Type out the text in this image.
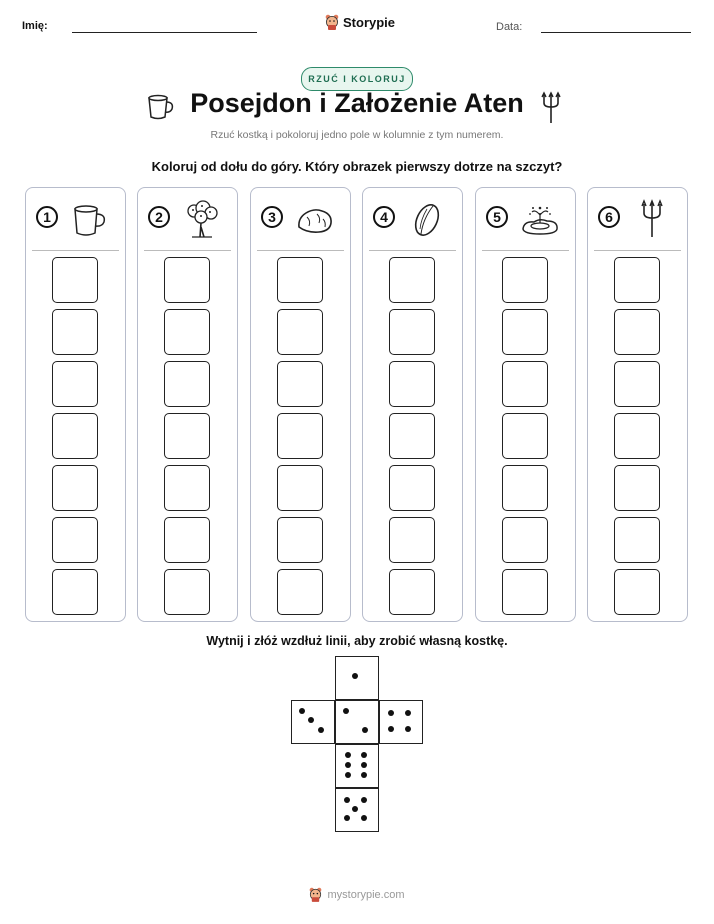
Imię:	Storypie	Data:
RZUĆ I KOLORUJ
Posejdon i Założenie Aten
Rzuć kostką i pokoloruj jedno pole w kolumnie z tym numerem.
Koloruj od dołu do góry. Który obrazek pierwszy dotrze na szczyt?
1	2	3	4	5	6
Wytnij i złóż wzdłuż linii, aby zrobić własną kostkę.
mystorypie.com
